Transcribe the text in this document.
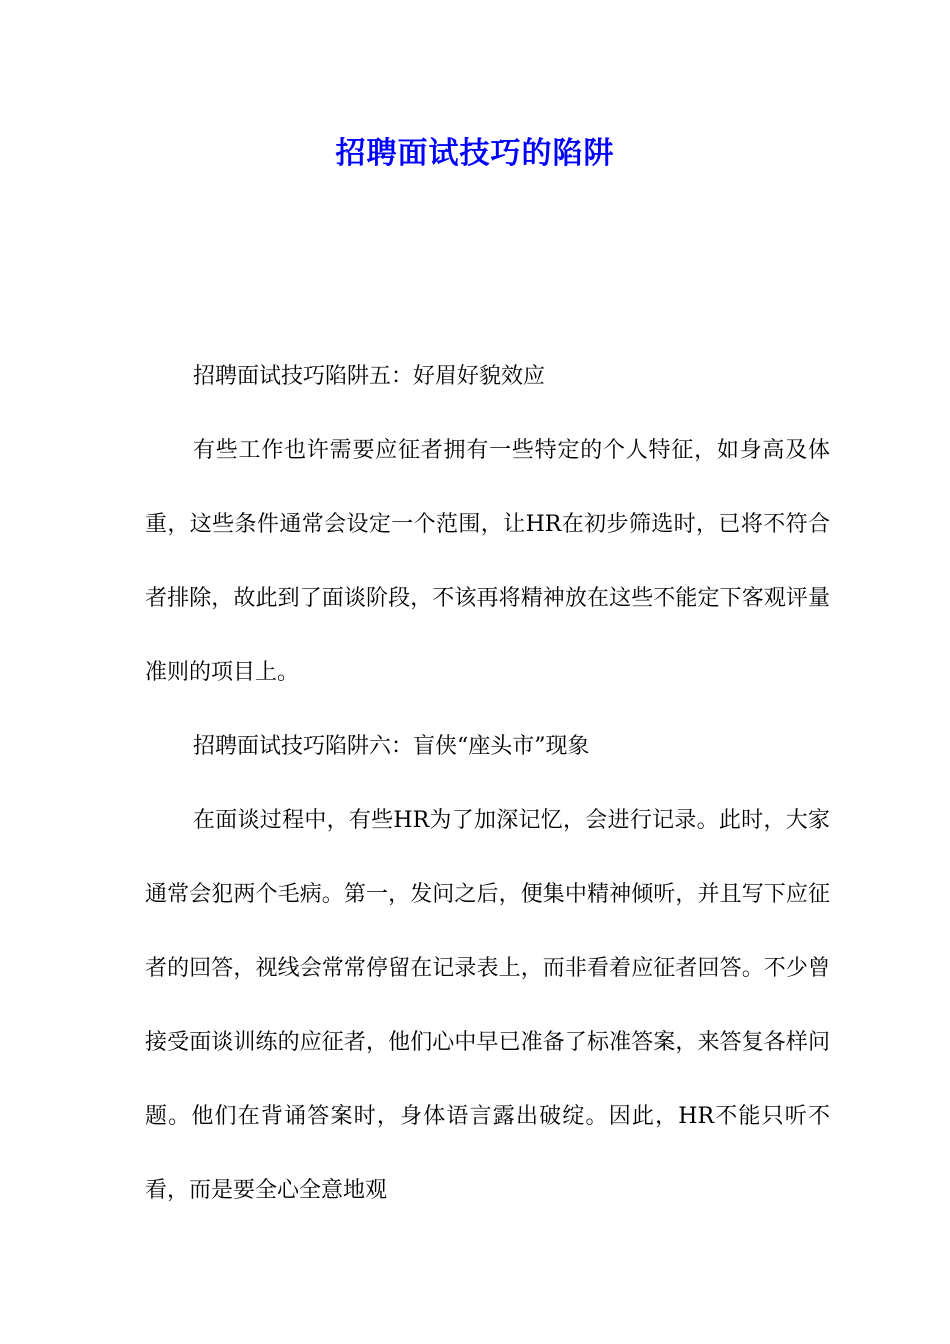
招聘面试技巧的陷阱

招聘面试技巧陷阱五：好眉好貌效应

有些工作也许需要应征者拥有一些特定的个人特征，如身高及体重，这些条件通常会设定一个范围，让HR在初步筛选时，已将不符合者排除，故此到了面谈阶段，不该再将精神放在这些不能定下客观评量准则的项目上。

招聘面试技巧陷阱六：盲侠“座头市”现象

在面谈过程中，有些HR为了加深记忆，会进行记录。此时，大家通常会犯两个毛病。第一，发问之后，便集中精神倾听，并且写下应征者的回答，视线会常常停留在记录表上，而非看着应征者回答。不少曾接受面谈训练的应征者，他们心中早已准备了标准答案，来答复各样问题。他们在背诵答案时，身体语言露出破绽。因此，HR不能只听不看，而是要全心全意地观
